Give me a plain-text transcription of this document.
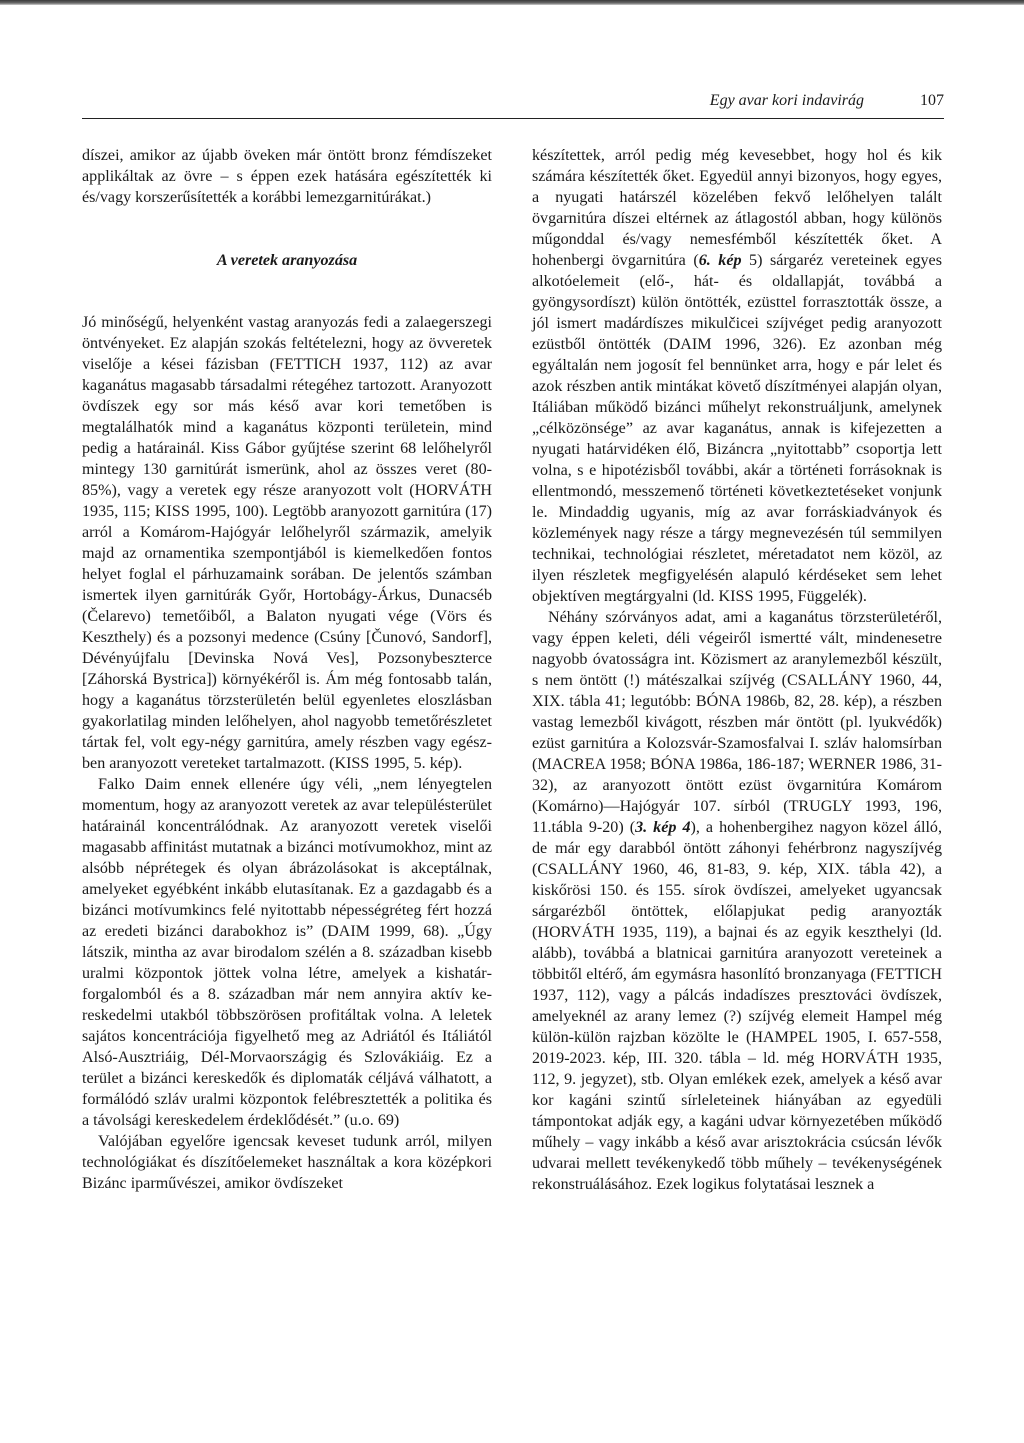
Egy avar kori indavirág	107

díszei, amikor az újabb öveken már öntött bronz fémdíszeket applikáltak az övre – s éppen ezek hatására egészítették ki és/vagy korszerűsítették a korábbi lemezgarnitúrákat.)

A veretek aranyozása

Jó minőségű, helyenként vastag aranyozás fedi a zalaegerszegi öntvényeket. Ez alapján szokás feltételezni, hogy az övveretek viselője a kései fázisban (FETTICH 1937, 112) az avar kaganátus magasabb társadalmi rétegéhez tartozott. Aranyozott övdíszek egy sor más késő avar kori temetőben is megtalálhatók mind a kaganátus központi területein, mind pedig a határainál. Kiss Gábor gyűjtése szerint 68 lelőhelyről mintegy 130 garnitúrát ismerünk, ahol az összes veret (80-85%), vagy a veretek egy része aranyozott volt (HORVÁTH 1935, 115; KISS 1995, 100). Legtöbb aranyozott garnitúra (17) arról a Komárom-Hajógyár lelőhelyről származik, amelyik majd az ornamentika szempontjából is kiemelkedően fontos helyet foglal el párhuzamaink sorában. De jelentős számban ismertek ilyen garnitúrák Győr, Hortobágy-Árkus, Dunacséb (Čelarevo) temetőiből, a Balaton nyugati vége (Vörs és Keszthely) és a pozsonyi medence (Csúny [Čunovó, Sandorf], Dévényújfalu [Devinska Nová Ves], Pozsonybeszterce [Záhorská Bystrica]) környékéről is. Ám még fontosabb talán, hogy a kaganátus törzsterületén belül egyenletes eloszlásban gyakorlatilag minden lelőhelyen, ahol nagyobb temetőrészletet tártak fel, volt egy-négy garnitúra, amely részben vagy egészben aranyozott vereteket tartalmazott. (KISS 1995, 5. kép).

Falko Daim ennek ellenére úgy véli, „nem lényegtelen momentum, hogy az aranyozott veretek az avar településterület határainál koncentrálódnak. Az aranyozott veretek viselői magasabb affinitást mutatnak a bizánci motívumokhoz, mint az alsóbb néprétegek és olyan ábrázolásokat is akceptálnak, amelyeket egyébként inkább elutasítanak. Ez a gazdagabb és a bizánci motívumkincs felé nyitottabb népességréteg fért hozzá az eredeti bizánci darabokhoz is” (DAIM 1999, 68). „Úgy látszik, mintha az avar birodalom szélén a 8. században kisebb uralmi központok jöttek volna létre, amelyek a kishatárforgalomból és a 8. században már nem annyira aktív kereskedelmi utakból többszörösen profitáltak volna. A leletek sajátos koncentrációja figyelhető meg az Adriától és Itáliától Alsó-Ausztriáig, Dél-Morvaországig és Szlovákiáig. Ez a terület a bizánci kereskedők és diplomaták céljává válhatott, a formálódó szláv uralmi központok felébresztették a politika és a távolsági kereskedelem érdeklődését.” (u.o. 69)

Valójában egyelőre igencsak keveset tudunk arról, milyen technológiákat és díszítőelemeket használtak a kora középkori Bizánc iparművészei, amikor övdíszeket

készítettek, arról pedig még kevesebbet, hogy hol és kik számára készítették őket. Egyedül annyi bizonyos, hogy egyes, a nyugati határszél közelében fekvő lelőhelyen talált övgarnitúra díszei eltérnek az átlagostól abban, hogy különös műgonddal és/vagy nemesfémből készítették őket. A hohenbergi övgarnitúra (6. kép 5) sárgaréz vereteinek egyes alkotóelemeit (elő-, hát- és oldallapját, továbbá a gyöngysordíszt) külön öntötték, ezüsttel forrasztották össze, a jól ismert madárdíszes mikulčicei szíjvéget pedig aranyozott ezüstből öntötték (DAIM 1996, 326). Ez azonban még egyáltalán nem jogosít fel bennünket arra, hogy e pár lelet és azok részben antik mintákat követő díszítményei alapján olyan, Itáliában működő bizánci műhelyt rekonstruáljunk, amelynek „célközönsége” az avar kaganátus, annak is kifejezetten a nyugati határvidéken élő, Bizáncra „nyitottabb” csoportja lett volna, s e hipotézisből további, akár a történeti forrásoknak is ellentmondó, messzemenő történeti következtetéseket vonjunk le. Mindaddig ugyanis, míg az avar forráskiadványok és közlemények nagy része a tárgy megnevezésén túl semmilyen technikai, technológiai részletet, méretadatot nem közöl, az ilyen részletek megfigyelésén alapuló kérdéseket sem lehet objektíven megtárgyalni (ld. KISS 1995, Függelék).

Néhány szórványos adat, ami a kaganátus törzsterületéről, vagy éppen keleti, déli végeiről ismertté vált, mindenesetre nagyobb óvatosságra int. Közismert az aranylemezből készült, s nem öntött (!) mátészalkai szíjvég (CSALLÁNY 1960, 44, XIX. tábla 41; legutóbb: BÓNA 1986b, 82, 28. kép), a részben vastag lemezből kivágott, részben már öntött (pl. lyukvédők) ezüst garnitúra a Kolozsvár-Szamosfalvai I. szláv halomsírban (MACREA 1958; BÓNA 1986a, 186-187; WERNER 1986, 31-32), az aranyozott öntött ezüst övgarnitúra Komárom (Komárno)—Hajógyár 107. sírból (TRUGLY 1993, 196, 11.tábla 9-20) (3. kép 4), a hohenbergihez nagyon közel álló, de már egy darabból öntött záhonyi fehérbronz nagyszíjvég (CSALLÁNY 1960, 46, 81-83, 9. kép, XIX. tábla 42), a kiskőrösi 150. és 155. sírok övdíszei, amelyeket ugyancsak sárgarézből öntöttek, előlapjukat pedig aranyozták (HORVÁTH 1935, 119), a bajnai és az egyik keszthelyi (ld. alább), továbbá a blatnicai garnitúra aranyozott vereteinek a többitől eltérő, ám egymásra hasonlító bronzanyaga (FETTICH 1937, 112), vagy a pálcás indadíszes presztováci övdíszek, amelyeknél az arany lemez (?) szíjvég elemeit Hampel még külön-külön rajzban közölte le (HAMPEL 1905, I. 657-558, 2019-2023. kép, III. 320. tábla – ld. még HORVÁTH 1935, 112, 9. jegyzet), stb. Olyan emlékek ezek, amelyek a késő avar kor kagáni szintű sírleleteinek hiányában az egyedüli támpontokat adják egy, a kagáni udvar környezetében működő műhely – vagy inkább a késő avar arisztokrácia csúcsán lévők udvarai mellett tevékenykedő több műhely – tevékenységének rekonstruálásához. Ezek logikus folytatásai lesznek a
